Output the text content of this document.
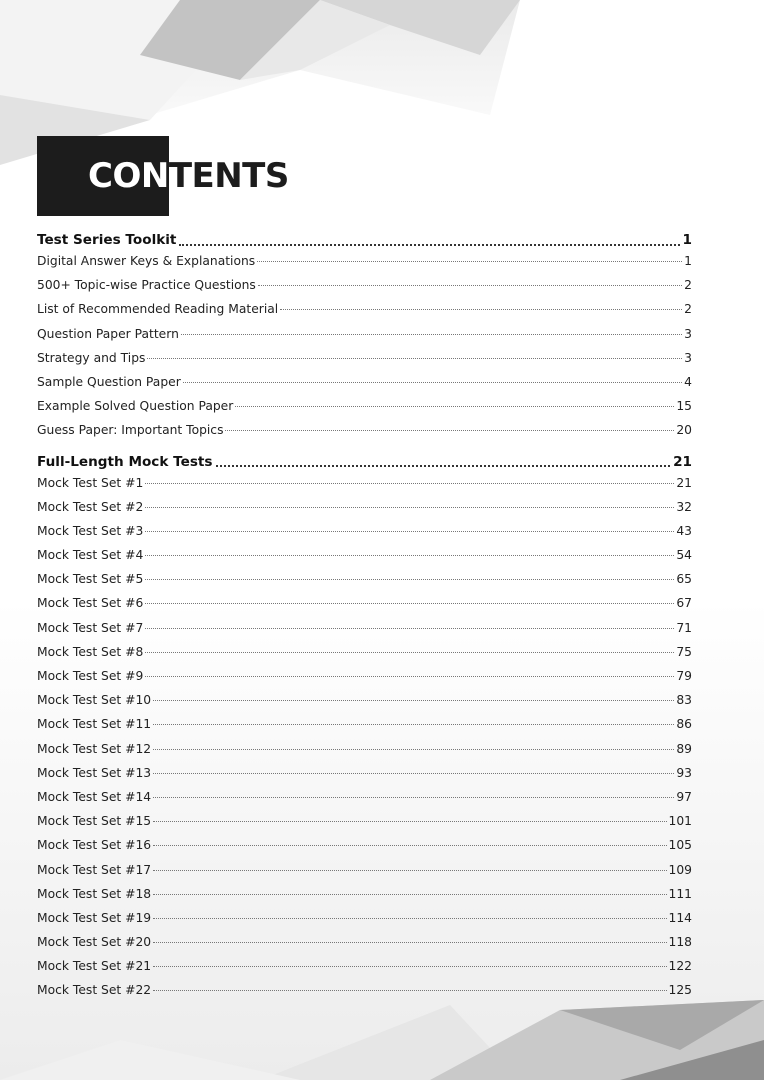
CONTENTS
Test Series Toolkit	1
Digital Answer Keys & Explanations	1
500+ Topic-wise Practice Questions	2
List of Recommended Reading Material	2
Question Paper Pattern	3
Strategy and Tips	3
Sample Question Paper	4
Example Solved Question Paper	15
Guess Paper: Important Topics	20
Full-Length Mock Tests	21
Mock Test Set #1	21
Mock Test Set #2	32
Mock Test Set #3	43
Mock Test Set #4	54
Mock Test Set #5	65
Mock Test Set #6	67
Mock Test Set #7	71
Mock Test Set #8	75
Mock Test Set #9	79
Mock Test Set #10	83
Mock Test Set #11	86
Mock Test Set #12	89
Mock Test Set #13	93
Mock Test Set #14	97
Mock Test Set #15	101
Mock Test Set #16	105
Mock Test Set #17	109
Mock Test Set #18	111
Mock Test Set #19	114
Mock Test Set #20	118
Mock Test Set #21	122
Mock Test Set #22	125
